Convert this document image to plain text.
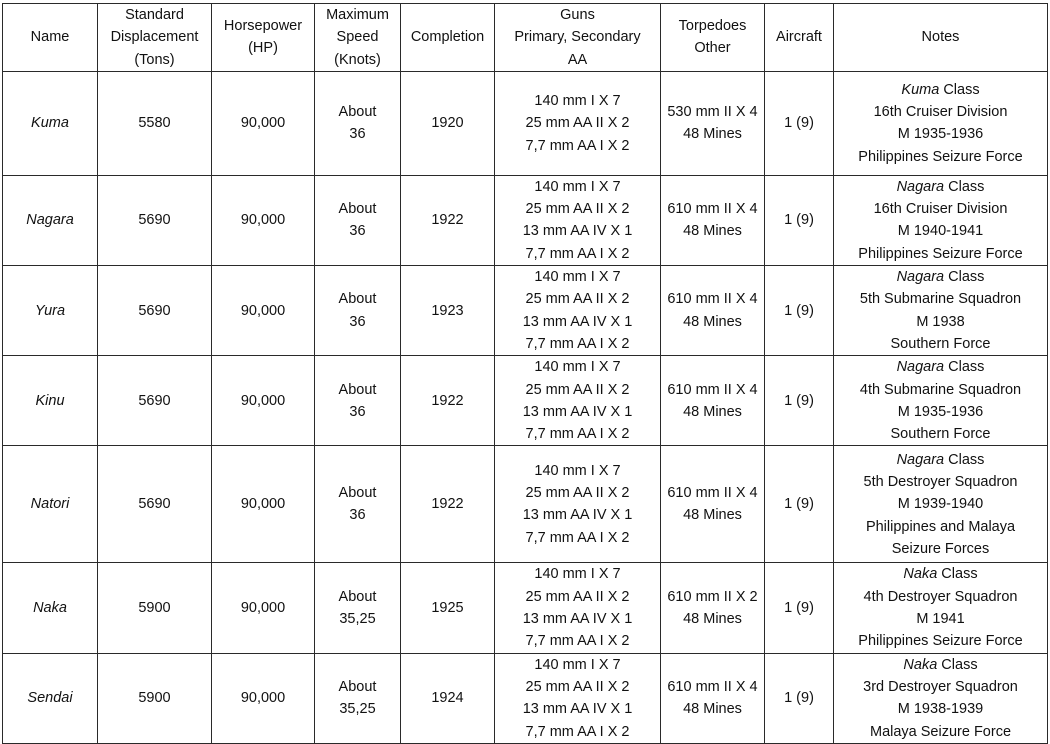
Name	Standard
Displacement
(Tons)	Horsepower
(HP)	Maximum
Speed
(Knots)	Completion	Guns
Primary, Secondary
AA	Torpedoes
Other	Aircraft	Notes

Kuma	5580	90,000	About
36	1920	140 mm I X 7
25 mm AA II X 2
7,7 mm AA I X 2	530 mm II X 4
48 Mines	1 (9)	Kuma Class
16th Cruiser Division
M 1935-1936
Philippines Seizure Force

Nagara	5690	90,000	About
36	1922	140 mm I X 7
25 mm AA II X 2
13 mm AA IV X 1
7,7 mm AA I X 2	610 mm II X 4
48 Mines	1 (9)	Nagara Class
16th Cruiser Division
M 1940-1941
Philippines Seizure Force

Yura	5690	90,000	About
36	1923	140 mm I X 7
25 mm AA II X 2
13 mm AA IV X 1
7,7 mm AA I X 2	610 mm II X 4
48 Mines	1 (9)	Nagara Class
5th Submarine Squadron
M 1938
Southern Force

Kinu	5690	90,000	About
36	1922	140 mm I X 7
25 mm AA II X 2
13 mm AA IV X 1
7,7 mm AA I X 2	610 mm II X 4
48 Mines	1 (9)	Nagara Class
4th Submarine Squadron
M 1935-1936
Southern Force

Natori	5690	90,000	About
36	1922	140 mm I X 7
25 mm AA II X 2
13 mm AA IV X 1
7,7 mm AA I X 2	610 mm II X 4
48 Mines	1 (9)	Nagara Class
5th Destroyer Squadron
M 1939-1940
Philippines and Malaya
Seizure Forces

Naka	5900	90,000	About
35,25	1925	140 mm I X 7
25 mm AA II X 2
13 mm AA IV X 1
7,7 mm AA I X 2	610 mm II X 2
48 Mines	1 (9)	Naka Class
4th Destroyer Squadron
M 1941
Philippines Seizure Force

Sendai	5900	90,000	About
35,25	1924	140 mm I X 7
25 mm AA II X 2
13 mm AA IV X 1
7,7 mm AA I X 2	610 mm II X 4
48 Mines	1 (9)	Naka Class
3rd Destroyer Squadron
M 1938-1939
Malaya Seizure Force
